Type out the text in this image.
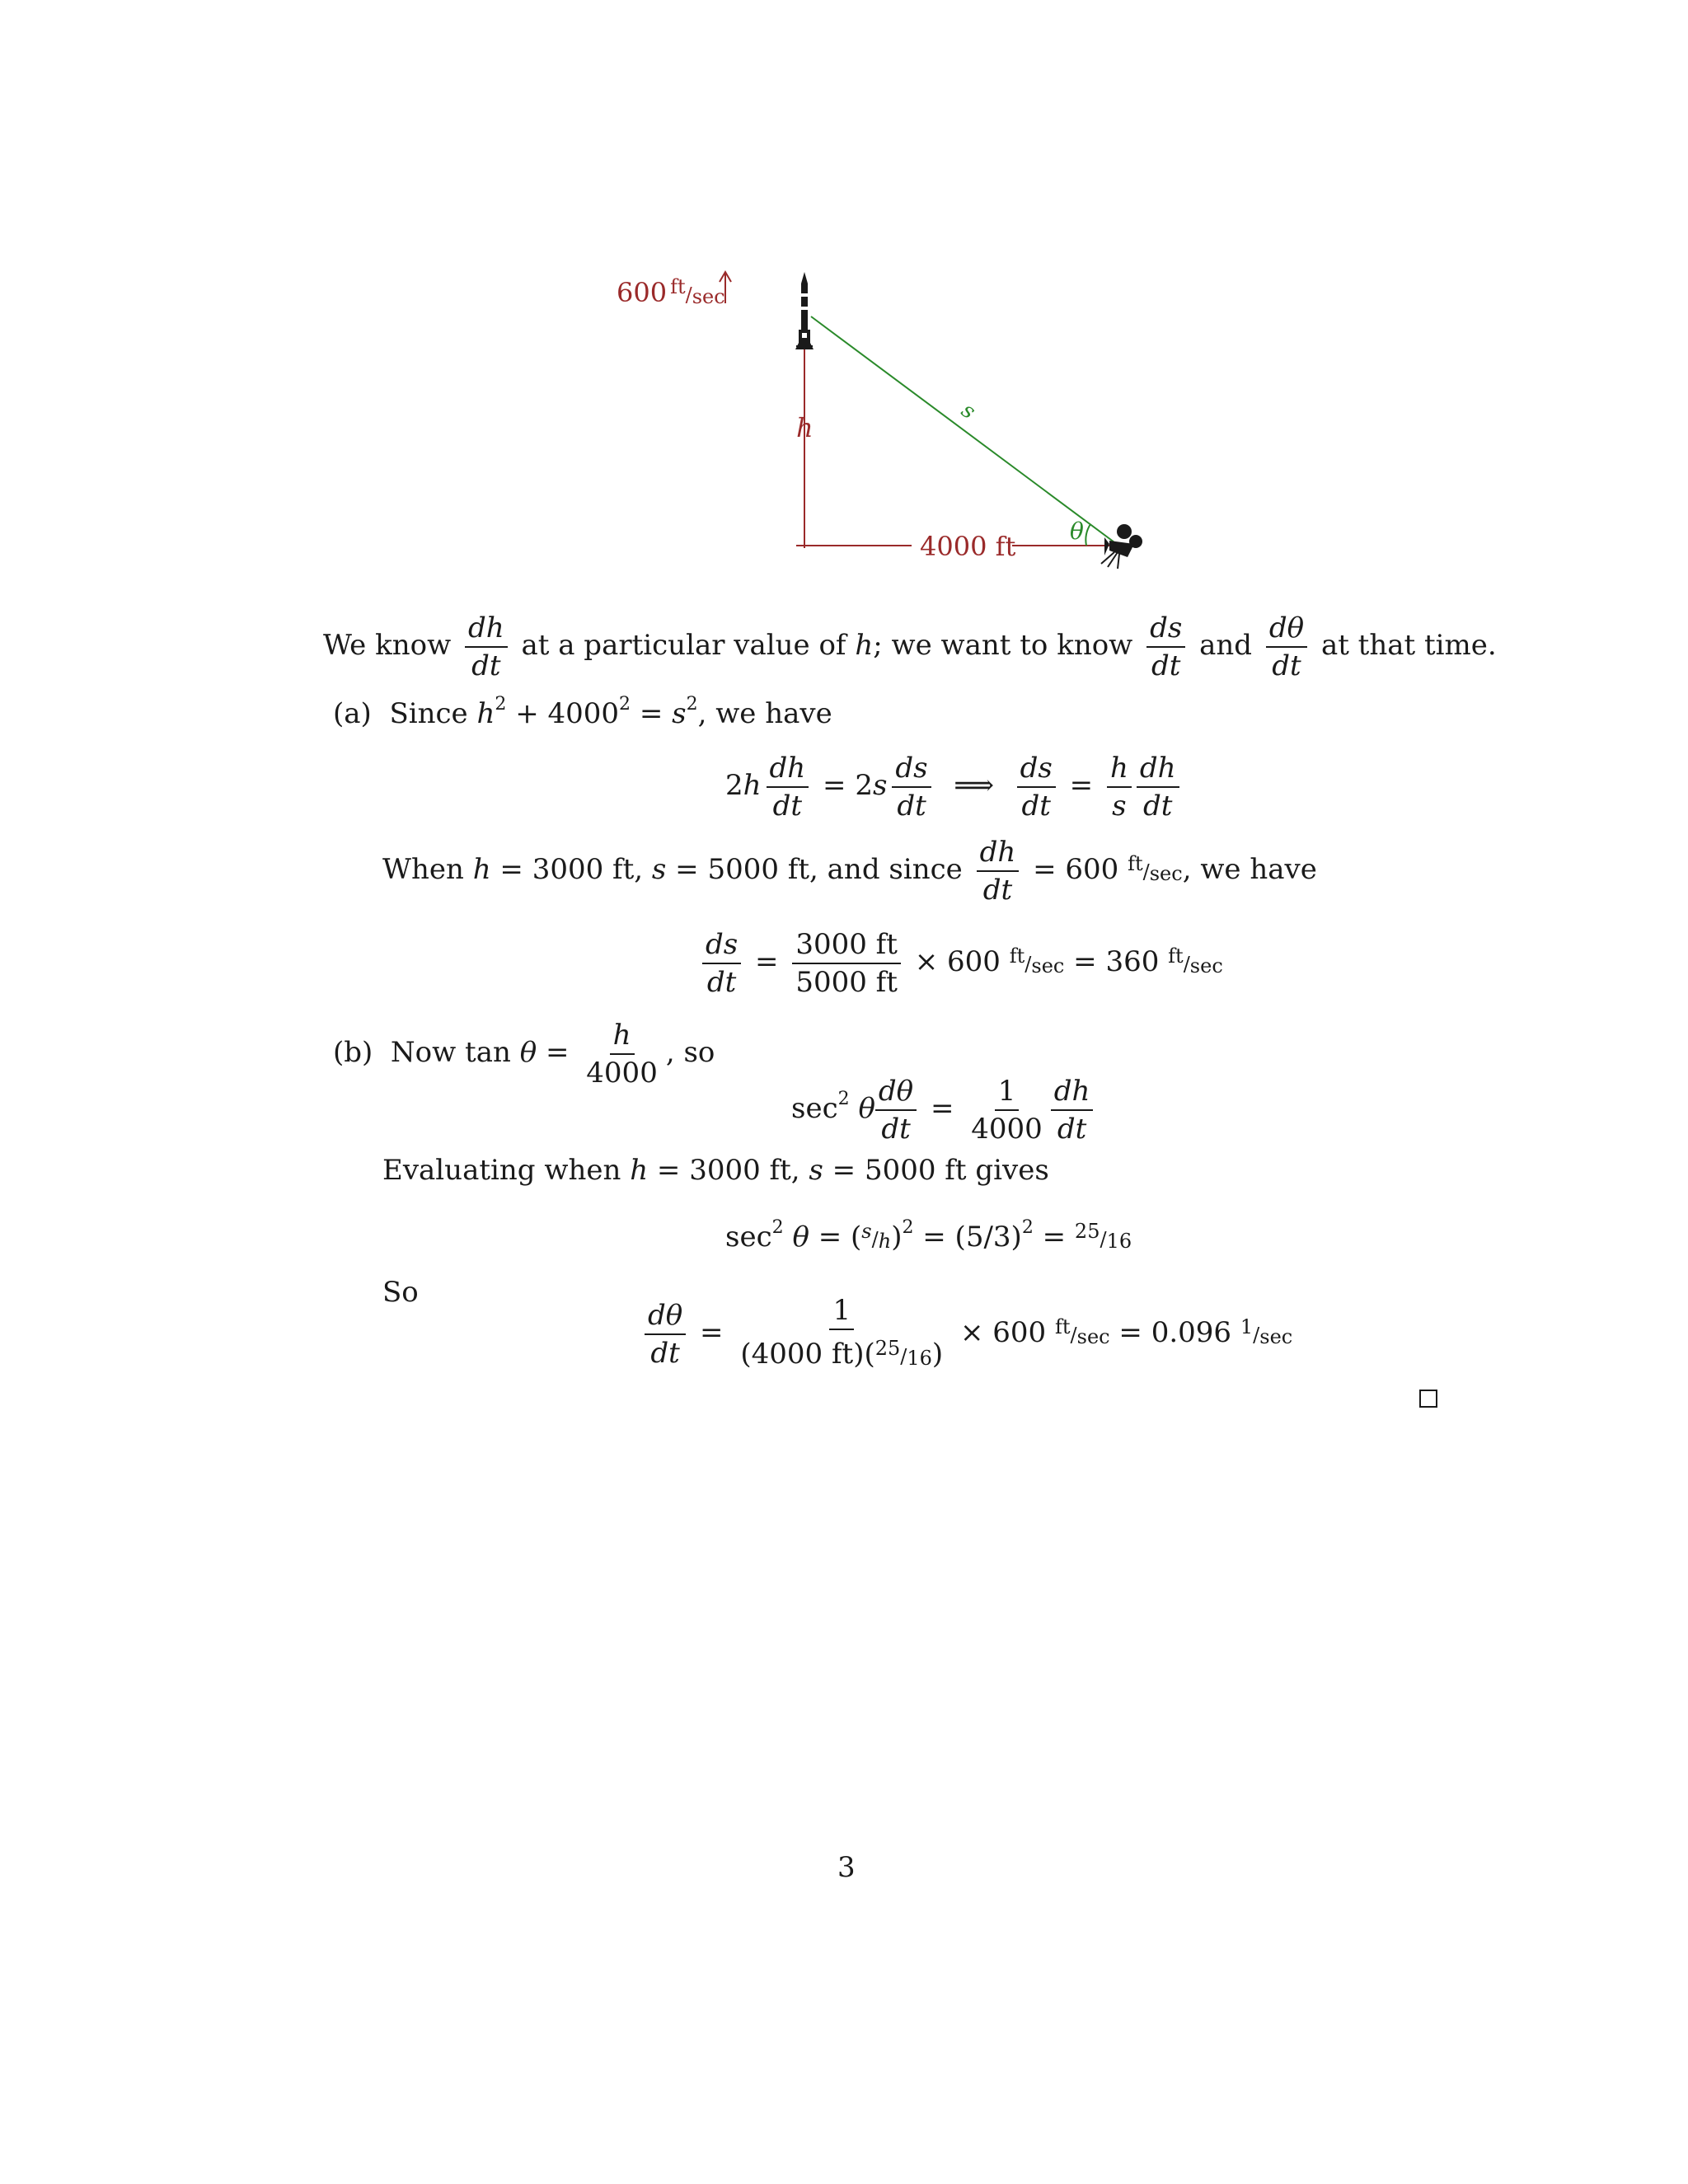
600 ft/sec
h
s
4000 ft θ
We know $\frac{dh}{dt}$ at a particular value of h; we want to know $\frac{ds}{dt}$ and $\frac{d\theta}{dt}$ at that time.
(a) Since $h^2 + 4000^2 = s^2$, we have
$2h \frac{dh}{dt} = 2s \frac{ds}{dt}$ ⟹ $\frac{ds}{dt} = \frac{h}{s} \frac{dh}{dt}$
When h = 3000 ft, s = 5000 ft, and since $\frac{dh}{dt} = 600$ ft/sec, we have
$\frac{ds}{dt} = \frac{3000 ft}{5000 ft} \times 600$ ft/sec = 360 ft/sec
(b) Now $\tan \theta = \frac{h}{4000}$ , so
$\sec^2 \theta \frac{d\theta}{dt} = \frac{1}{4000} \frac{dh}{dt}$
Evaluating when h = 3000 ft, s = 5000 ft gives
$\sec^2 \theta = (s/h)^2 = (5/3)^2 = 25/16$
So
$\frac{d\theta}{dt} = \frac{1}{(4000 ft)(25/16)} \times 600$ ft/sec = 0.096 1/sec
3
